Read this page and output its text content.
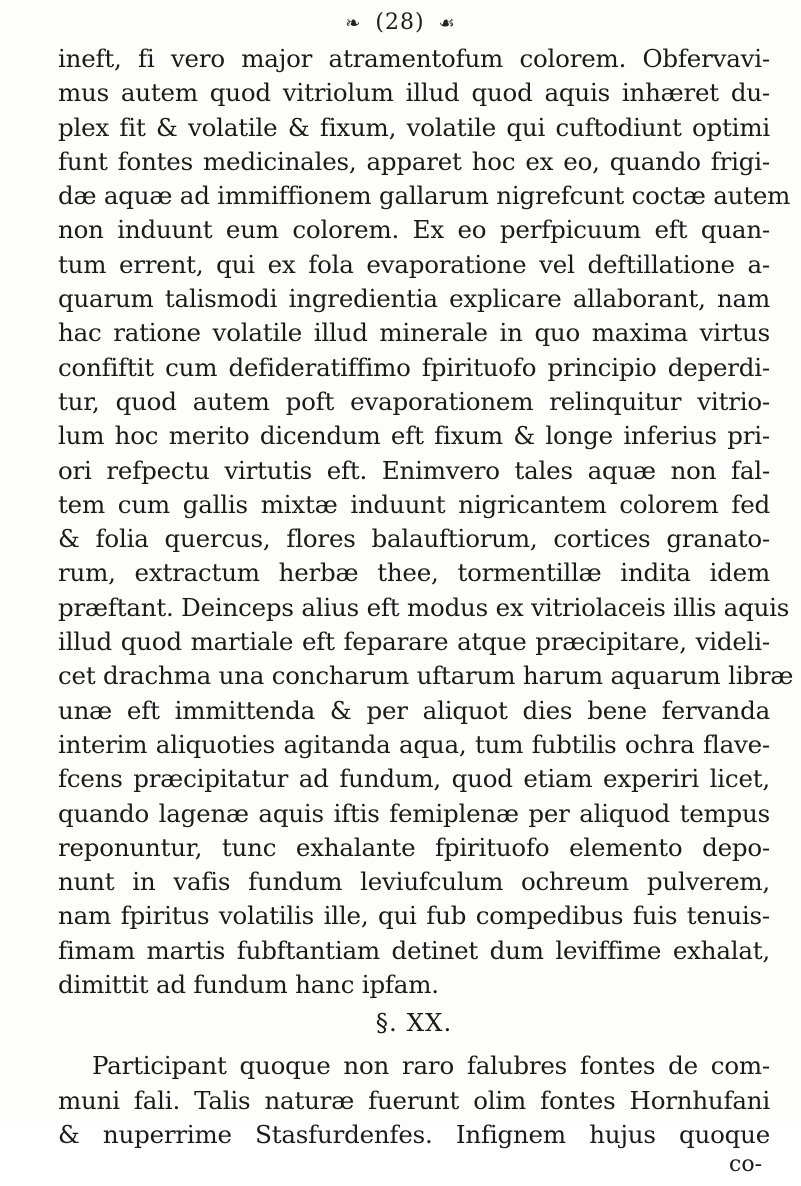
❧ (28) ☙
ineft, fi vero major atramentofum colorem. Obfervavi-
mus autem quod vitriolum illud quod aquis inhæret du-
plex fit & volatile & fixum, volatile qui cuftodiunt optimi
funt fontes medicinales, apparet hoc ex eo, quando frigi-
dæ aquæ ad immiffionem gallarum nigrefcunt coctæ autem
non induunt eum colorem. Ex eo perfpicuum eft quan-
tum errent, qui ex fola evaporatione vel deftillatione a-
quarum talismodi ingredientia explicare allaborant, nam
hac ratione volatile illud minerale in quo maxima virtus
confiftit cum defideratiffimo fpirituofo principio deperdi-
tur, quod autem poft evaporationem relinquitur vitrio-
lum hoc merito dicendum eft fixum & longe inferius pri-
ori refpectu virtutis eft. Enimvero tales aquæ non fal-
tem cum gallis mixtæ induunt nigricantem colorem fed
& folia quercus, flores balauftiorum, cortices granato-
rum, extractum herbæ thee, tormentillæ indita idem
præftant. Deinceps alius eft modus ex vitriolaceis illis aquis
illud quod martiale eft feparare atque præcipitare, videli-
cet drachma una concharum uftarum harum aquarum libræ
unæ eft immittenda & per aliquot dies bene fervanda
interim aliquoties agitanda aqua, tum fubtilis ochra flave-
fcens præcipitatur ad fundum, quod etiam experiri licet,
quando lagenæ aquis iftis femiplenæ per aliquod tempus
reponuntur, tunc exhalante fpirituofo elemento depo-
nunt in vafis fundum leviufculum ochreum pulverem,
nam fpiritus volatilis ille, qui fub compedibus fuis tenuis-
fimam martis fubftantiam detinet dum leviffime exhalat,
dimittit ad fundum hanc ipfam.
§. XX.
Participant quoque non raro falubres fontes de com-
muni fali. Talis naturæ fuerunt olim fontes Hornhufani
& nuperrime Stasfurdenfes. Infignem hujus quoque
co-
